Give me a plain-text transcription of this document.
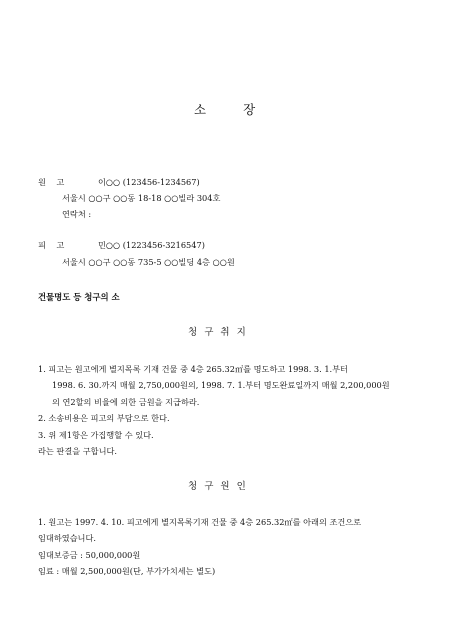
소	장
원    고	이○○ (123456-1234567)
서울시 ○○구 ○○동 18-18 ○○빌라 304호
연락처 :
피    고	민○○ (1223456-3216547)
서울시 ○○구 ○○동 735-5 ○○빌딩 4층 ○○원
건물명도 등 청구의 소
청 구 취 지
1. 피고는 원고에게 별지목록 기재 건물 중 4층 265.32㎡를 명도하고 1998. 3. 1.부터
1998. 6. 30.까지 매월 2,750,000원의, 1998. 7. 1.부터 명도완료일까지 매월 2,200,000원
의 연2할의 비율에 의한 금원을 지급하라.
2. 소송비용은 피고의 부담으로 한다.
3. 위 제1항은 가집행할 수 있다.
라는 판결을 구합니다.
청 구 원 인
1. 원고는 1997. 4. 10. 피고에게 별지목록기재 건물 중 4층 265.32㎡를 아래의 조건으로
임대하였습니다.
임대보증금 : 50,000,000원
임료 : 매월 2,500,000원(단, 부가가치세는 별도)
